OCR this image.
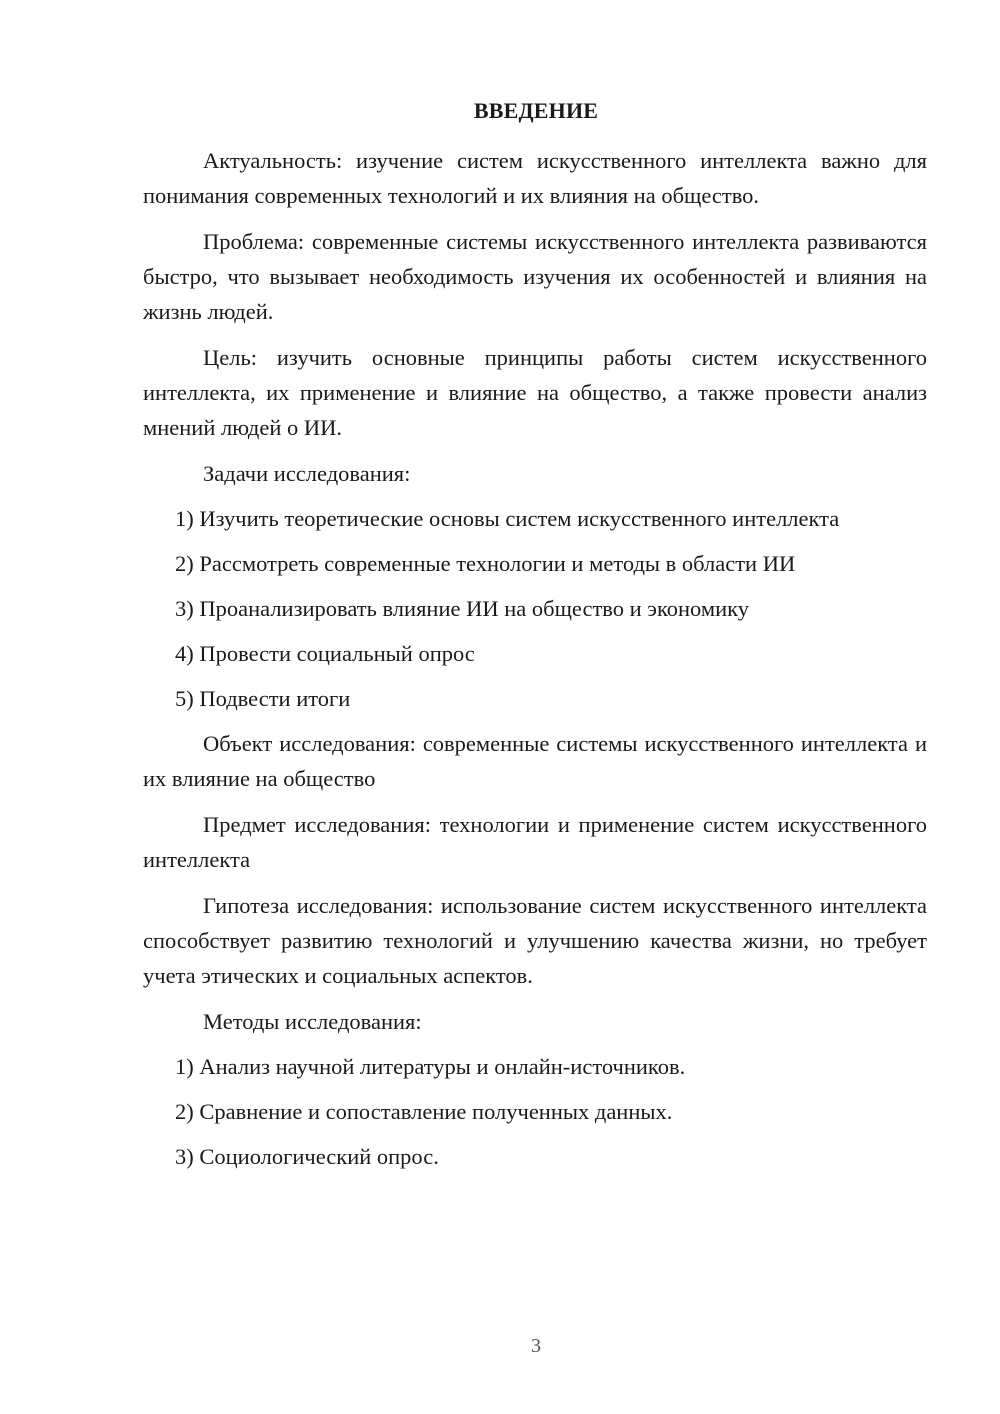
ВВЕДЕНИЕ

Актуальность: изучение систем искусственного интеллекта важно для понимания современных технологий и их влияния на общество.

Проблема: современные системы искусственного интеллекта развиваются быстро, что вызывает необходимость изучения их особенностей и влияния на жизнь людей.

Цель: изучить основные принципы работы систем искусственного интеллекта, их применение и влияние на общество, а также провести анализ мнений людей о ИИ.

Задачи исследования:

1) Изучить теоретические основы систем искусственного интеллекта
2) Рассмотреть современные технологии и методы в области ИИ
3) Проанализировать влияние ИИ на общество и экономику
4) Провести социальный опрос
5) Подвести итоги

Объект исследования: современные системы искусственного интеллекта и их влияние на общество

Предмет исследования: технологии и применение систем искусственного интеллекта

Гипотеза исследования: использование систем искусственного интеллекта способствует развитию технологий и улучшению качества жизни, но требует учета этических и социальных аспектов.

Методы исследования:

1) Анализ научной литературы и онлайн-источников.
2) Сравнение и сопоставление полученных данных.
3) Социологический опрос.
3
